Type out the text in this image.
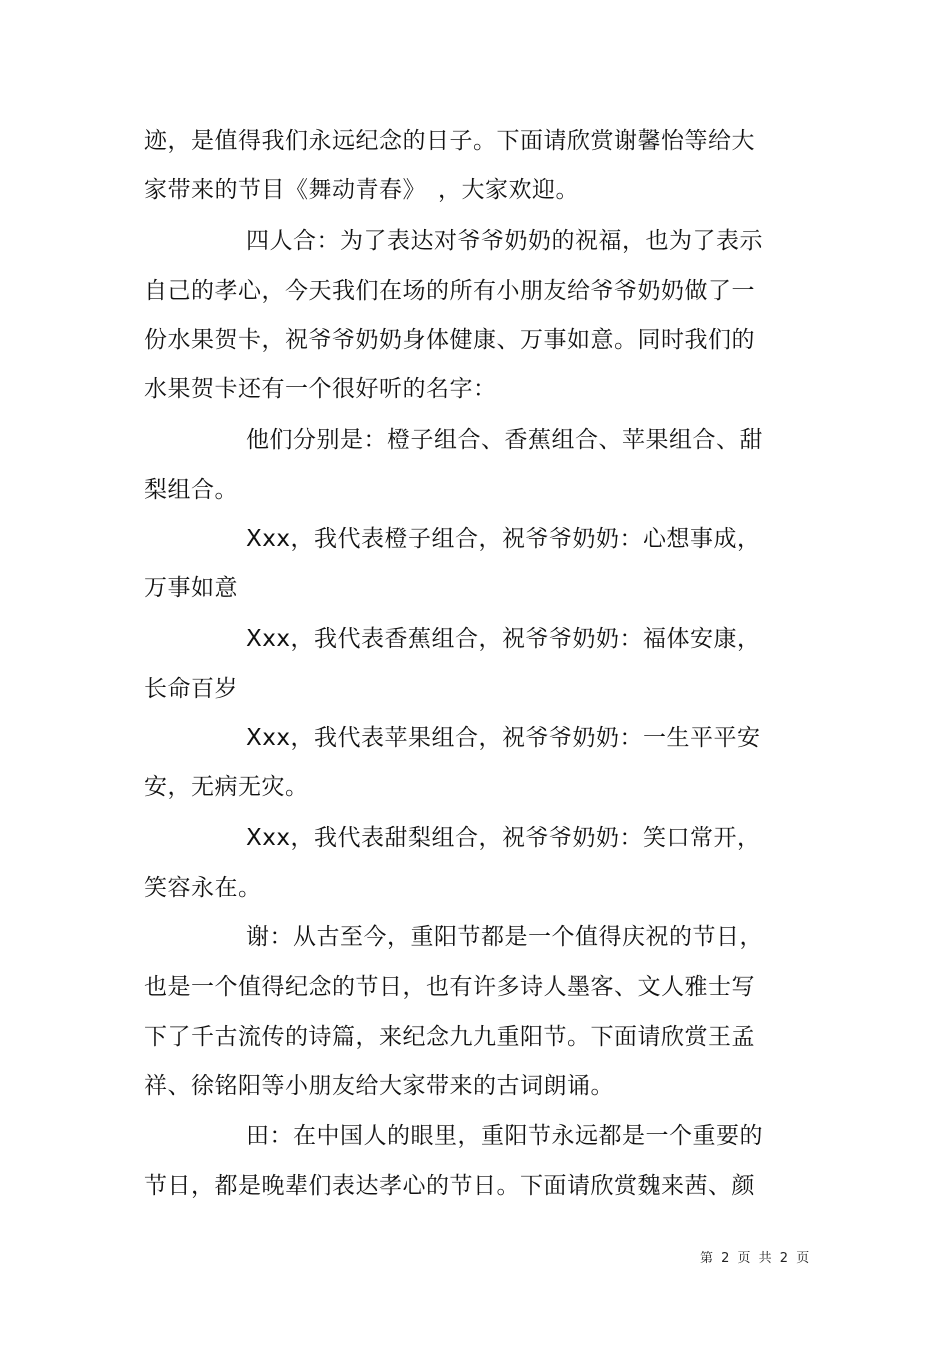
迹，是值得我们永远纪念的日子。下面请欣赏谢馨怡等给大
家带来的节目《舞动青春》　，大家欢迎。
四人合：为了表达对爷爷奶奶的祝福，也为了表示
自己的孝心，今天我们在场的所有小朋友给爷爷奶奶做了一
份水果贺卡，祝爷爷奶奶身体健康、万事如意。同时我们的
水果贺卡还有一个很好听的名字：
他们分别是：橙子组合、香蕉组合、苹果组合、甜
梨组合。
Xxx，我代表橙子组合，祝爷爷奶奶：心想事成，
万事如意
Xxx，我代表香蕉组合，祝爷爷奶奶：福体安康，
长命百岁
Xxx，我代表苹果组合，祝爷爷奶奶：一生平平安
安，无病无灾。
Xxx，我代表甜梨组合，祝爷爷奶奶：笑口常开，
笑容永在。
谢：从古至今，重阳节都是一个值得庆祝的节日，
也是一个值得纪念的节日，也有许多诗人墨客、文人雅士写
下了千古流传的诗篇，来纪念九九重阳节。下面请欣赏王孟
祥、徐铭阳等小朋友给大家带来的古词朗诵。
田：在中国人的眼里，重阳节永远都是一个重要的
节日，都是晚辈们表达孝心的节日。下面请欣赏魏来茜、颜
第 2 页 共 2 页
